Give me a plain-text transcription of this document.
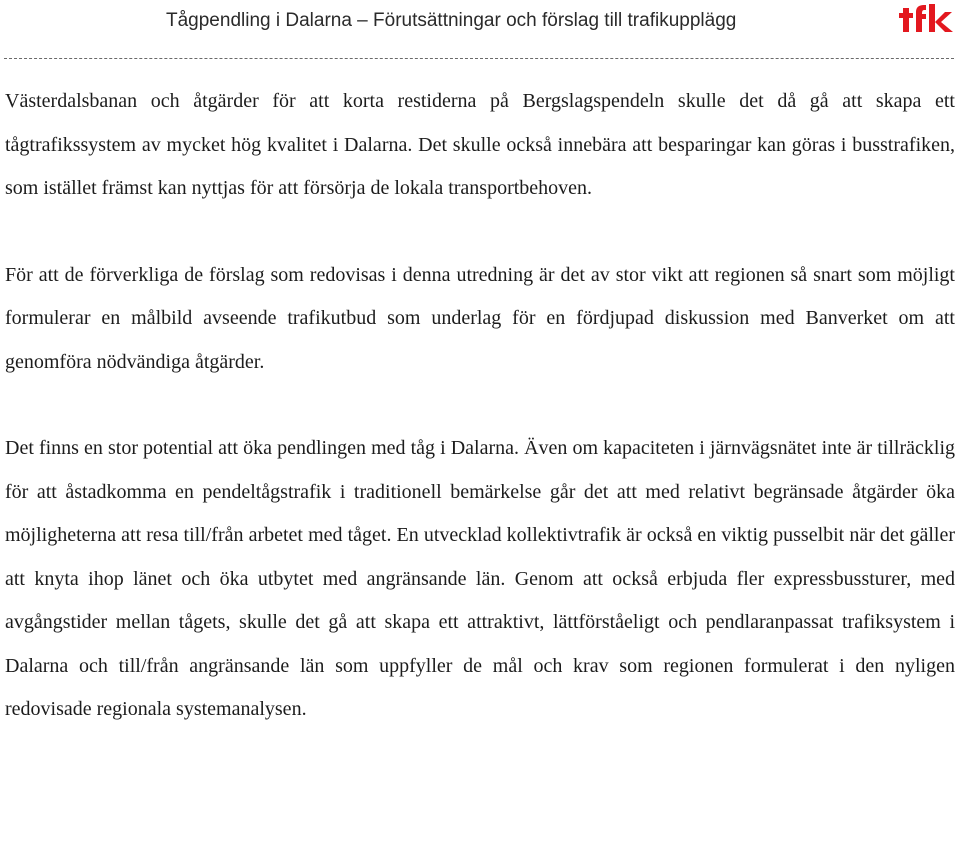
Tågpendling i Dalarna – Förutsättningar och förslag till trafikupplägg

Västerdalsbanan och åtgärder för att korta restiderna på Bergslagspendeln skulle det då gå att skapa ett tågtrafikssystem av mycket hög kvalitet i Dalarna. Det skulle också innebära att besparingar kan göras i busstrafiken, som istället främst kan nyttjas för att försörja de lokala transportbehoven.

För att de förverkliga de förslag som redovisas i denna utredning är det av stor vikt att regionen så snart som möjligt formulerar en målbild avseende trafikutbud som underlag för en fördjupad diskussion med Banverket om att genomföra nödvändiga åtgärder.

Det finns en stor potential att öka pendlingen med tåg i Dalarna. Även om kapaciteten i järnvägsnätet inte är tillräcklig för att åstadkomma en pendeltågstrafik i traditionell bemärkelse går det att med relativt begränsade åtgärder öka möjligheterna att resa till/från arbetet med tåget. En utvecklad kollektivtrafik är också en viktig pusselbit när det gäller att knyta ihop länet och öka utbytet med angränsande län. Genom att också erbjuda fler expressbussturer, med avgångstider mellan tågets, skulle det gå att skapa ett attraktivt, lättförståeligt och pendlaranpassat trafiksystem i Dalarna och till/från angränsande län som uppfyller de mål och krav som regionen formulerat i den nyligen redovisade regionala systemanalysen.
